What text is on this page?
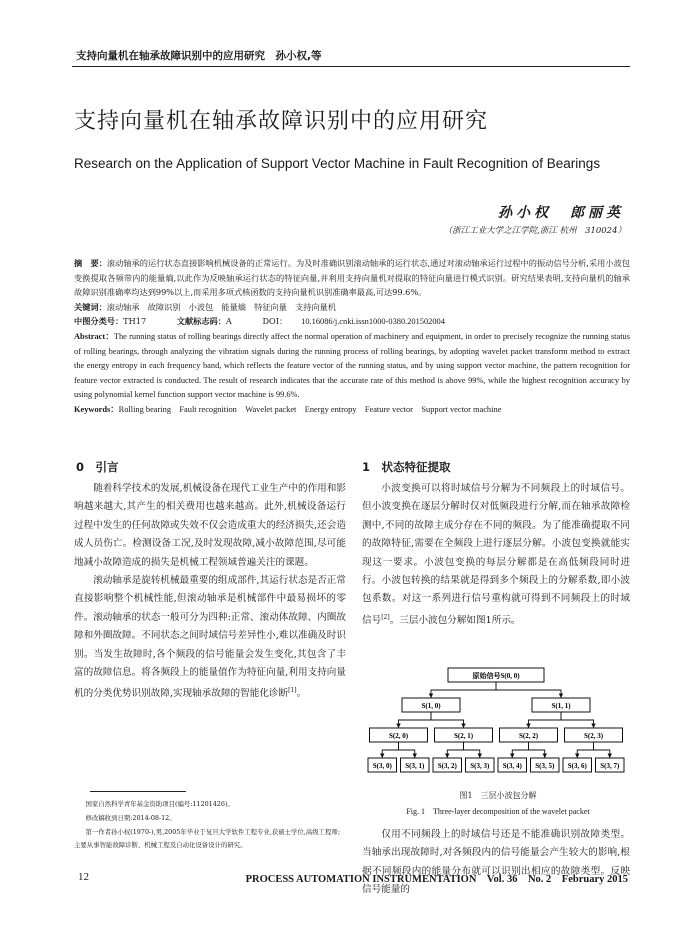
支持向量机在轴承故障识别中的应用研究　孙小权,等
支持向量机在轴承故障识别中的应用研究
Research on the Application of Support Vector Machine in Fault Recognition of Bearings
孙小权　郎丽英
（浙江工业大学之江学院,浙江 杭州　310024）
摘　要：滚动轴承的运行状态直接影响机械设备的正常运行。为及时准确识别滚动轴承的运行状态,通过对滚动轴承运行过程中的振动信号分析,采用小波包变换提取各频带内的能量熵,以此作为反映轴承运行状态的特征向量,并利用支持向量机对提取的特征向量进行模式识别。研究结果表明,支持向量机的轴承故障识别准确率均达到99%以上,而采用多项式核函数的支持向量机识别准确率最高,可达99.6%。
关键词：滚动轴承　故障识别　小波包　能量熵　特征向量　支持向量机
中图分类号：TH17	文献标志码：A	DOI： 10.16086/j.cnki.issn1000-0380.201502004
Abstract：The running status of rolling bearings directly affect the normal operation of machinery and equipment, in order to precisely recognize the running status of rolling bearings, through analyzing the vibration signals during the running process of rolling bearings, by adopting wavelet packet transform method to extract the energy entropy in each frequency band, which reflects the feature vector of the running status, and by using support vector machine, the pattern recognition for feature vector extracted is conducted. The result of research indicates that the accurate rate of this method is above 99%, while the highest recognition accuracy by using polynomial kernel function support vector machine is 99.6%.
Keywords：Rolling bearing　Fault recognition　Wavelet packet　Energy entropy　Feature vector　Support vector machine
0　引言

随着科学技术的发展,机械设备在现代工业生产中的作用和影响越来越大,其产生的相关费用也越来越高。此外,机械设备运行过程中发生的任何故障或失效不仅会造成重大的经济损失,还会造成人员伤亡。检测设备工况,及时发现故障,减小故障范围,尽可能地减小故障造成的损失是机械工程领域普遍关注的课题。

滚动轴承是旋转机械最重要的组成部件,其运行状态是否正常直接影响整个机械性能,但滚动轴承是机械部件中最易损坏的零件。滚动轴承的状态一般可分为四种:正常、滚动体故障、内圈故障和外圈故障。不同状态之间时域信号差异性小,难以准确及时识别。当发生故障时,各个频段的信号能量会发生变化,其包含了丰富的故障信息。将各频段上的能量值作为特征向量,利用支持向量机的分类优势识别故障,实现轴承故障的智能化诊断[1]。

国家自然科学青年基金资助项目(编号:11201426)。
修改稿收到日期:2014-08-12。
第一作者孙小权(1970-),男,2005年毕业于复旦大学软件工程专业,获硕士学位,高级工程师;主要从事智能故障诊断、机械工程及自动化设备设计的研究。
1　状态特征提取

小波变换可以将时域信号分解为不同频段上的时域信号。但小波变换在逐层分解时仅对低频段进行分解,而在轴承故障检测中,不同的故障主成分存在不同的频段。为了能准确提取不同的故障特征,需要在全频段上进行逐层分解。小波包变换就能实现这一要求。小波包变换的每层分解都是在高低频段同时进行。小波包转换的结果就是得到多个频段上的分解系数,即小波包系数。对这一系列进行信号重构就可得到不同频段上的时域信号[2]。三层小波包分解如图1所示。

原始信号S(0, 0)
S(1, 0)	S(1, 1)
S(2, 0)	S(2, 1)	S(2, 2)	S(2, 3)
S(3, 0) S(3, 1) S(3, 2) S(3, 3) S(3, 4) S(3, 5) S(3, 6) S(3, 7)
图1　三层小波包分解
Fig. 1　Three-layer decomposition of the wavelet packet

仅用不同频段上的时域信号还是不能准确识别故障类型。当轴承出现故障时,对各频段内的信号能量会产生较大的影响,根据不同频段内的能量分布就可以识别出相应的故障类型。反映信号能量的

12	PROCESS AUTOMATION INSTRUMENTATION　Vol. 36　No. 2　February 2015
